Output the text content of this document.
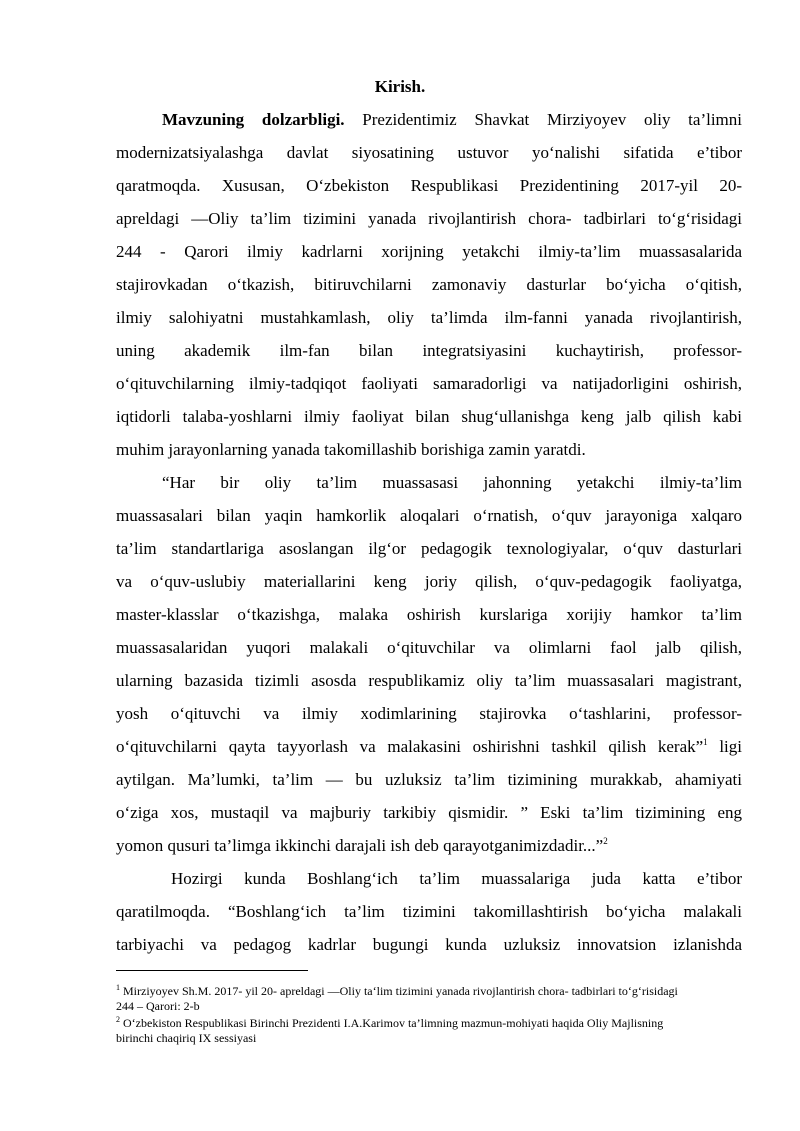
Kirish.
Mavzuning dolzarbligi. Prezidentimiz Shavkat Mirziyoyev oliy ta’limni
modernizatsiyalashga davlat siyosatining ustuvor yo‘nalishi sifatida e’tibor
qaratmoqda. Xususan, O‘zbekiston Respublikasi Prezidentining 2017-yil 20-
apreldagi ―Oliy ta’lim tizimini yanada rivojlantirish chora- tadbirlari to‘g‘risidagi
244 - Qarori ilmiy kadrlarni xorijning yetakchi ilmiy-ta’lim muassasalarida
stajirovkadan o‘tkazish, bitiruvchilarni zamonaviy dasturlar bo‘yicha o‘qitish,
ilmiy salohiyatni mustahkamlash, oliy ta’limda ilm-fanni yanada rivojlantirish,
uning akademik ilm-fan bilan integratsiyasini kuchaytirish, professor-
o‘qituvchilarning ilmiy-tadqiqot faoliyati samaradorligi va natijadorligini oshirish,
iqtidorli talaba-yoshlarni ilmiy faoliyat bilan shug‘ullanishga keng jalb qilish kabi
muhim jarayonlarning yanada takomillashib borishiga zamin yaratdi.
“Har bir oliy ta’lim muassasasi jahonning yetakchi ilmiy-ta’lim
muassasalari bilan yaqin hamkorlik aloqalari o‘rnatish, o‘quv jarayoniga xalqaro
ta’lim standartlariga asoslangan ilg‘or pedagogik texnologiyalar, o‘quv dasturlari
va o‘quv-uslubiy materiallarini keng joriy qilish, o‘quv-pedagogik faoliyatga,
master-klasslar o‘tkazishga, malaka oshirish kurslariga xorijiy hamkor ta’lim
muassasalaridan yuqori malakali o‘qituvchilar va olimlarni faol jalb qilish,
ularning bazasida tizimli asosda respublikamiz oliy ta’lim muassasalari magistrant,
yosh o‘qituvchi va ilmiy xodimlarining stajirovka o‘tashlarini, professor-
o‘qituvchilarni qayta tayyorlash va malakasini oshirishni tashkil qilish kerak”$^1$ ligi
aytilgan. Ma’lumki, ta’lim — bu uzluksiz ta’lim tizimining murakkab, ahamiyati
o‘ziga xos, mustaqil va majburiy tarkibiy qismidir. ” Eski ta’lim tizimining eng
yomon qusuri ta’limga ikkinchi darajali ish deb qarayotganimizdadir...”$^2$
Hozirgi kunda Boshlang‘ich ta’lim muassalariga juda katta e’tibor
qaratilmoqda. “Boshlang‘ich ta’lim tizimini takomillashtirish bo‘yicha malakali
tarbiyachi va pedagog kadrlar bugungi kunda uzluksiz innovatsion izlanishda
$^1$ Mirziyoyev Sh.M. 2017- yil 20- apreldagi ―Oliy ta‘lim tizimini yanada rivojlantirish chora- tadbirlari to‘g‘risidagi
244 – Qarori: 2-b
$^2$ O‘zbekiston Respublikasi Birinchi Prezidenti I.A.Karimov ta’limning mazmun-mohiyati haqida Oliy Majlisning
birinchi chaqiriq IX sessiyasi
